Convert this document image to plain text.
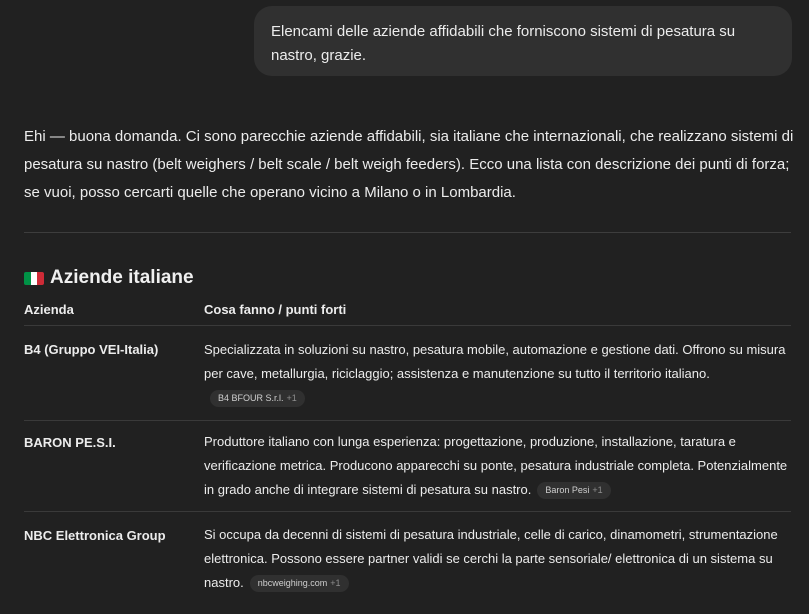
Elencami delle aziende affidabili che forniscono sistemi di pesatura su nastro, grazie.
Ehi — buona domanda. Ci sono parecchie aziende affidabili, sia italiane che internazionali, che realizzano sistemi di pesatura su nastro (belt weighers / belt scale / belt weigh feeders). Ecco una lista con descrizione dei punti di forza; se vuoi, posso cercarti quelle che operano vicino a Milano o in Lombardia.
Aziende italiane
Azienda	Cosa fanno / punti forti
B4 (Gruppo VEI-Italia)	Specializzata in soluzioni su nastro, pesatura mobile, automazione e gestione dati. Offrono su misura per cave, metallurgia, riciclaggio; assistenza e manutenzione su tutto il territorio italiano.B4 BFOUR S.r.l. +1
BARON PE.S.I.	Produttore italiano con lunga esperienza: progettazione, produzione, installazione, taratura e verificazione metrica. Producono apparecchi su ponte, pesatura industriale completa. Potenzialmente in grado anche di integrare sistemi di pesatura su nastro. Baron Pesi +1
NBC Elettronica Group	Si occupa da decenni di sistemi di pesatura industriale, celle di carico, dinamometri, strumentazione elettronica. Possono essere partner validi se cerchi la parte sensoriale/ elettronica di un sistema su nastro. nbcweighing.com +1
